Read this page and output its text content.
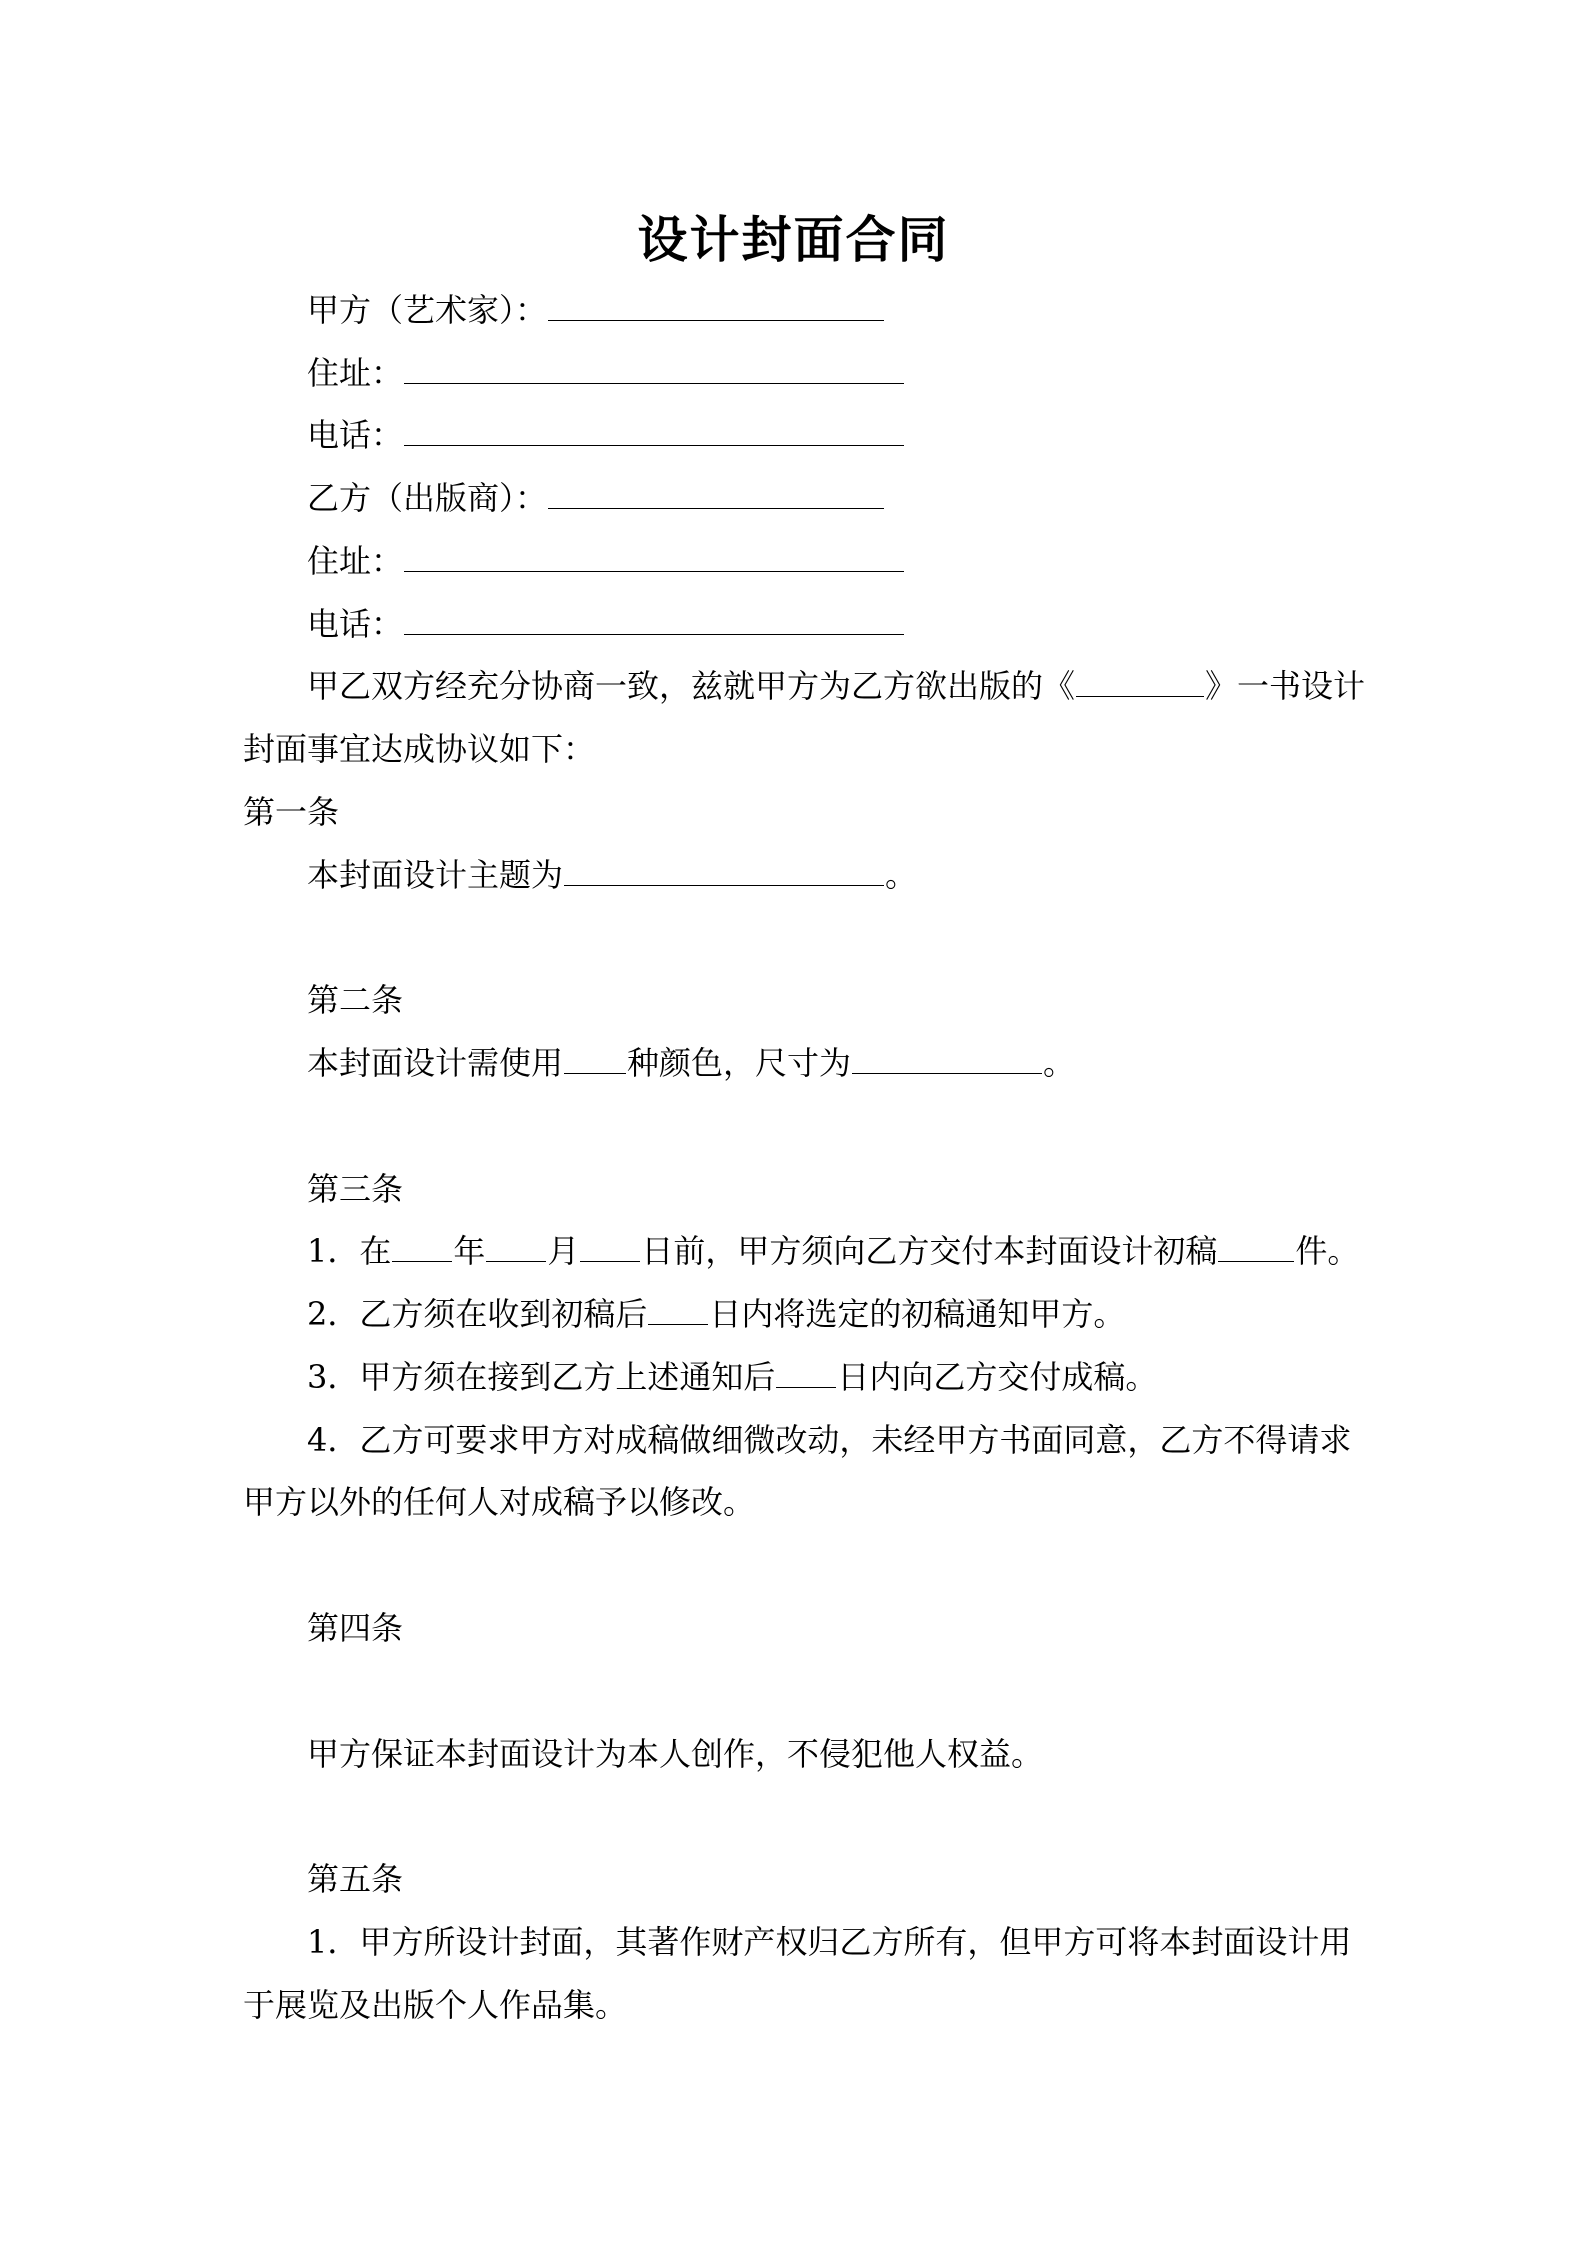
设计封面合同
甲方（艺术家）：
住址：
电话：
乙方（出版商）：
住址：
电话：
甲乙双方经充分协商一致，兹就甲方为乙方欲出版的《	》一书设计
封面事宜达成协议如下：
第一条
本封面设计主题为	。
第二条
本封面设计需使用 种颜色，尺寸为	。
第三条
1．在 年 月 日前，甲方须向乙方交付本封面设计初稿 件。
2．乙方须在收到初稿后 日内将选定的初稿通知甲方。
3．甲方须在接到乙方上述通知后 日内向乙方交付成稿。
4．乙方可要求甲方对成稿做细微改动，未经甲方书面同意，乙方不得请求
甲方以外的任何人对成稿予以修改。
第四条
甲方保证本封面设计为本人创作，不侵犯他人权益。
第五条
1．甲方所设计封面，其著作财产权归乙方所有，但甲方可将本封面设计用
于展览及出版个人作品集。
